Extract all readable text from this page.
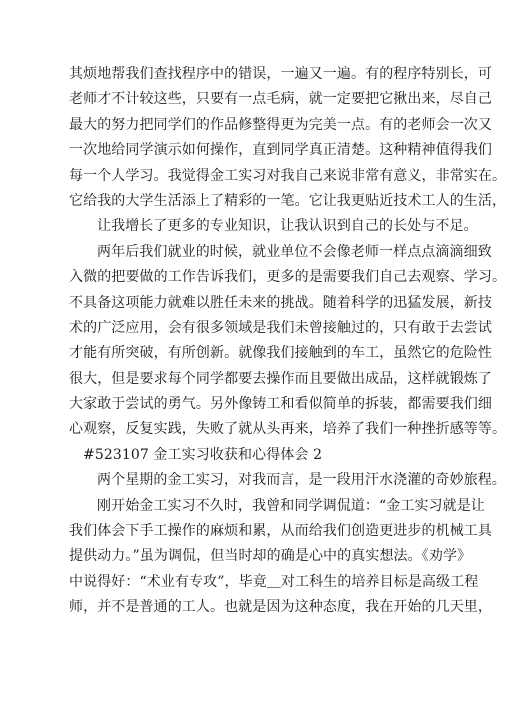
其烦地帮我们查找程序中的错误，一遍又一遍。有的程序特别长，可
老师才不计较这些，只要有一点毛病，就一定要把它揪出来，尽自己
最大的努力把同学们的作品修整得更为完美一点。有的老师会一次又
一次地给同学演示如何操作，直到同学真正清楚。这种精神值得我们
每一个人学习。我觉得金工实习对我自己来说非常有意义，非常实在。
它给我的大学生活添上了精彩的一笔。它让我更贴近技术工人的生活，
让我增长了更多的专业知识，让我认识到自己的长处与不足。
两年后我们就业的时候，就业单位不会像老师一样点点滴滴细致
入微的把要做的工作告诉我们，更多的是需要我们自己去观察、学习。
不具备这项能力就难以胜任未来的挑战。随着科学的迅猛发展，新技
术的广泛应用，会有很多领域是我们未曾接触过的，只有敢于去尝试
才能有所突破，有所创新。就像我们接触到的车工，虽然它的危险性
很大，但是要求每个同学都要去操作而且要做出成品，这样就锻炼了
大家敢于尝试的勇气。另外像铸工和看似简单的拆装，都需要我们细
心观察，反复实践，失败了就从头再来，培养了我们一种挫折感等等。
#523107 金工实习收获和心得体会 2
两个星期的金工实习，对我而言，是一段用汗水浇灌的奇妙旅程。
刚开始金工实习不久时，我曾和同学调侃道：“金工实习就是让
我们体会下手工操作的麻烦和累，从而给我们创造更进步的机械工具
提供动力。”虽为调侃，但当时却的确是心中的真实想法。《劝学》
中说得好：“术业有专攻”，毕竟＿对工科生的培养目标是高级工程
师，并不是普通的工人。也就是因为这种态度，我在开始的几天里，
